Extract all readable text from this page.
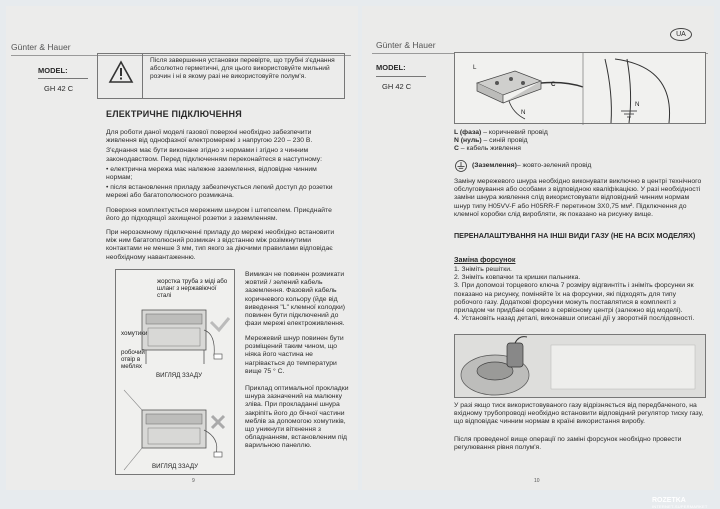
Günter & Hauer
MODEL:
GH 42 C
Після завершення установки перевірте, що трубні з'єднання абсолютно герметичні, для цього використовуйте мильний розчин і ні в якому разі не використовуйте полум'я.
ЕЛЕКТРИЧНЕ ПІДКЛЮЧЕННЯ

Для роботи даної моделі газової поверхні необхідно забезпечити живлення від однофазної електромережі з напругою 220 – 230 В.

З'єднання має бути виконане згідно з нормами і згідно з чинним законодавством. Перед підключенням переконайтеся в наступному:

• електрична мережа має належне заземлення, відповідне чинним нормам;

• після встановлення приладу забезпечується легкий доступ до розетки мережі або багатополюсного розмикача.

Поверхня комплектується мережним шнуром і штепселем. Приєднайте його до підходящої захищеної розетки з заземленням.

При нерозємному підключенні приладу до мережі необхідно встановити між ним багатополюсний розмикач з відстанню між розімкнутими контактами не менше 3 мм, тип якого за діючими правилами відповідає необхідному навантаженню.

жорстка труба з міді або шланг з нержавіючої сталі
хомутики
робочий отвір в меблях
ВИГЛЯД ЗЗАДУ
ВИГЛЯД ЗЗАДУ
Вимикач не повинен розмикати жовтий / зелений кабель заземлення. Фазовий кабель коричневого кольору (йде від виведення "L" клемної колодки) повинен бути підключений до фази мережі електроживлення.
Мережевий шнур повинен бути розміщений таким чином, що ніяка його частина не нагрівається до температури вище 75 ° С.
Приклад оптимальної прокладки шнура зазначений на малюнку зліва. При прокладанні шнура закріпіть його до бічної частини меблів за допомогою хомутиків, що уникнути віткнення з обладнанням, встановленим під варильною панеллю.
9
Günter & Hauer
UA
MODEL:
GH 42 C
L
C
N
N
L (фаза) – коричневий провід
N (нуль) – синій провід
С – кабель живлення
(Заземлення) – жовто-зелений провід
Заміну мережевого шнура необхідно виконувати виключно в центрі технічного обслуговування або особами з відповідною кваліфікацією. У разі необхідності заміни шнура живлення слід використовувати відповідний чинним нормам шнур типу H05VV-F або H05RR-F перетином 3Х0,75 мм². Підключення до клемної коробки слід виробляти, як показано на рисунку вище.
ПЕРЕНАЛАШТУВАННЯ НА ІНШІ ВИДИ ГАЗУ (НЕ НА ВСІХ МОДЕЛЯХ)
Заміна форсунок
1. Зніміть решітки.
2. Зніміть ковпачки та кришки пальника.
3. При допомозі торцевого ключа 7 розміру відгвинтіть і зніміть форсунки як показано на рисунку, поміняйте їх на форсунки, які підходять для типу робочого газу. Додаткові форсунки можуть поставлятися в комплекті з приладом чи придбані окремо в сервісному центрі (залежно від моделі).
4. Установіть назад деталі, виконавши описані дії у зворотній послідовності.
У разі якщо тиск використовуваного газу відрізняється від передбаченого, на вхідному трубопроводі необхідно встановити відповідний регулятор тиску газу, що відповідає чинним нормам в країні використання виробу.
Після проведеної вище операції по заміні форсунок необхідно провести регулювання рівня полум'я.
10
ROZETKA
INTERNET-SUPERMARKET
